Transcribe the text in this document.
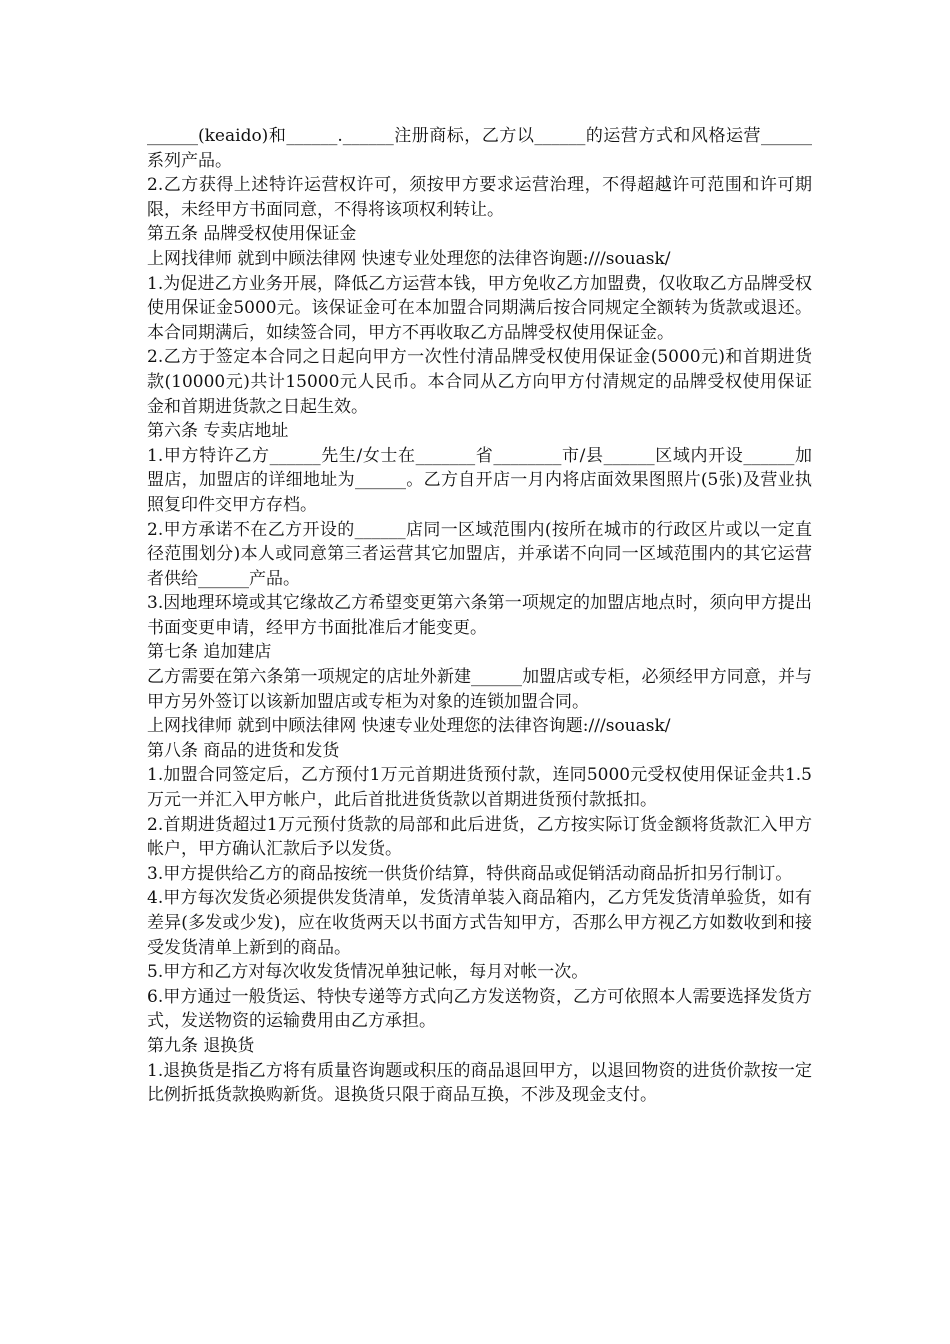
______(keaido)和______.______注册商标，乙方以______的运营方式和风格运营______系列产品。

2.乙方获得上述特许运营权许可，须按甲方要求运营治理，不得超越许可范围和许可期限，未经甲方书面同意，不得将该项权利转让。

第五条 品牌受权使用保证金

上网找律师 就到中顾法律网 快速专业处理您的法律咨询题:///souask/

1.为促进乙方业务开展，降低乙方运营本钱，甲方免收乙方加盟费，仅收取乙方品牌受权使用保证金5000元。该保证金可在本加盟合同期满后按合同规定全额转为货款或退还。本合同期满后，如续签合同，甲方不再收取乙方品牌受权使用保证金。

2.乙方于签定本合同之日起向甲方一次性付清品牌受权使用保证金(5000元)和首期进货款(10000元)共计15000元人民币。本合同从乙方向甲方付清规定的品牌受权使用保证金和首期进货款之日起生效。

第六条 专卖店地址

1.甲方特许乙方______先生/女士在_______省________市/县______区域内开设______加盟店，加盟店的详细地址为______。乙方自开店一月内将店面效果图照片(5张)及营业执照复印件交甲方存档。

2.甲方承诺不在乙方开设的______店同一区域范围内(按所在城市的行政区片或以一定直径范围划分)本人或同意第三者运营其它加盟店，并承诺不向同一区域范围内的其它运营者供给______产品。

3.因地理环境或其它缘故乙方希望变更第六条第一项规定的加盟店地点时，须向甲方提出书面变更申请，经甲方书面批准后才能变更。

第七条 追加建店

乙方需要在第六条第一项规定的店址外新建______加盟店或专柜，必须经甲方同意，并与甲方另外签订以该新加盟店或专柜为对象的连锁加盟合同。

上网找律师 就到中顾法律网 快速专业处理您的法律咨询题:///souask/

第八条 商品的进货和发货

1.加盟合同签定后，乙方预付1万元首期进货预付款，连同5000元受权使用保证金共1.5万元一并汇入甲方帐户，此后首批进货货款以首期进货预付款抵扣。

2.首期进货超过1万元预付货款的局部和此后进货，乙方按实际订货金额将货款汇入甲方帐户，甲方确认汇款后予以发货。

3.甲方提供给乙方的商品按统一供货价结算，特供商品或促销活动商品折扣另行制订。

4.甲方每次发货必须提供发货清单，发货清单装入商品箱内，乙方凭发货清单验货，如有差异(多发或少发)，应在收货两天以书面方式告知甲方，否那么甲方视乙方如数收到和接受发货清单上新到的商品。

5.甲方和乙方对每次收发货情况单独记帐，每月对帐一次。

6.甲方通过一般货运、特快专递等方式向乙方发送物资，乙方可依照本人需要选择发货方式，发送物资的运输费用由乙方承担。

第九条 退换货

1.退换货是指乙方将有质量咨询题或积压的商品退回甲方，以退回物资的进货价款按一定比例折抵货款换购新货。退换货只限于商品互换，不涉及现金支付。
